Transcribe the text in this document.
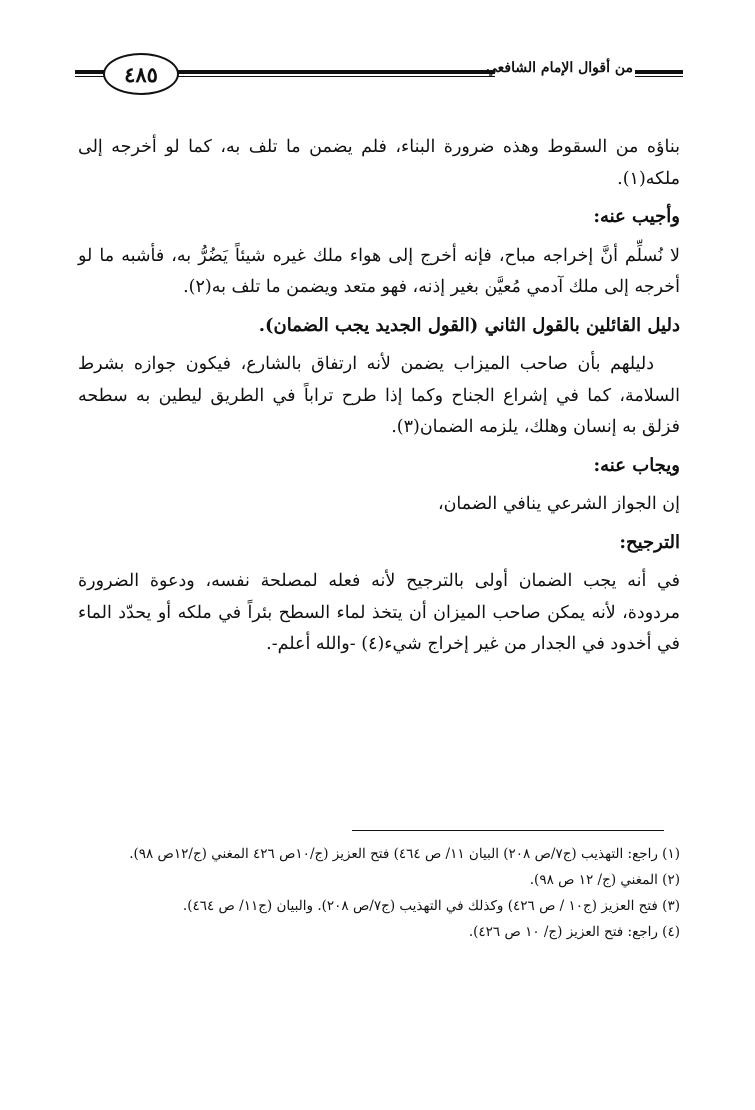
٤٨٥	من أقوال الإمام الشافعي

بناؤه من السقوط وهذه ضرورة البناء، فلم يضمن ما تلف به، كما لو أخرجه إلى ملكه(١).

وأجيب عنه:

لا نُسلِّم أنَّ إخراجه مباح، فإنه أخرج إلى هواء ملك غيره شيئاً يَضُرُّ به، فأشبه ما لو أخرجه إلى ملك آدمي مُعيَّن بغير إذنه، فهو متعد ويضمن ما تلف به(٢).

دليل القائلين بالقول الثاني (القول الجديد يجب الضمان).

دليلهم بأن صاحب الميزاب يضمن لأنه ارتفاق بالشارع، فيكون جوازه بشرط السلامة، كما في إشراع الجناح وكما إذا طرح تراباً في الطريق ليطين به سطحه فزلق به إنسان وهلك، يلزمه الضمان(٣).

ويجاب عنه:

إن الجواز الشرعي ينافي الضمان،

الترجيح:

في أنه يجب الضمان أولى بالترجيح لأنه فعله لمصلحة نفسه، ودعوة الضرورة مردودة، لأنه يمكن صاحب الميزان أن يتخذ لماء السطح بئراً في ملكه أو يحدّد الماء في أخدود في الجدار من غير إخراج شيء(٤) -والله أعلم-.

(١) راجع: التهذيب (ج٧/ص ٢٠٨) البيان ١١/ ص ٤٦٤) فتح العزيز (ج/١٠ص ٤٢٦ المغني (ج/١٢ص ٩٨).

(٢) المغني (ج/ ١٢ ص ٩٨).

(٣) فتح العزيز (ج١٠ / ص ٤٢٦) وكذلك في التهذيب (ج٧/ص ٢٠٨). والبيان (ج١١/ ص ٤٦٤).

(٤) راجع: فتح العزيز (ج/ ١٠ ص ٤٢٦).
